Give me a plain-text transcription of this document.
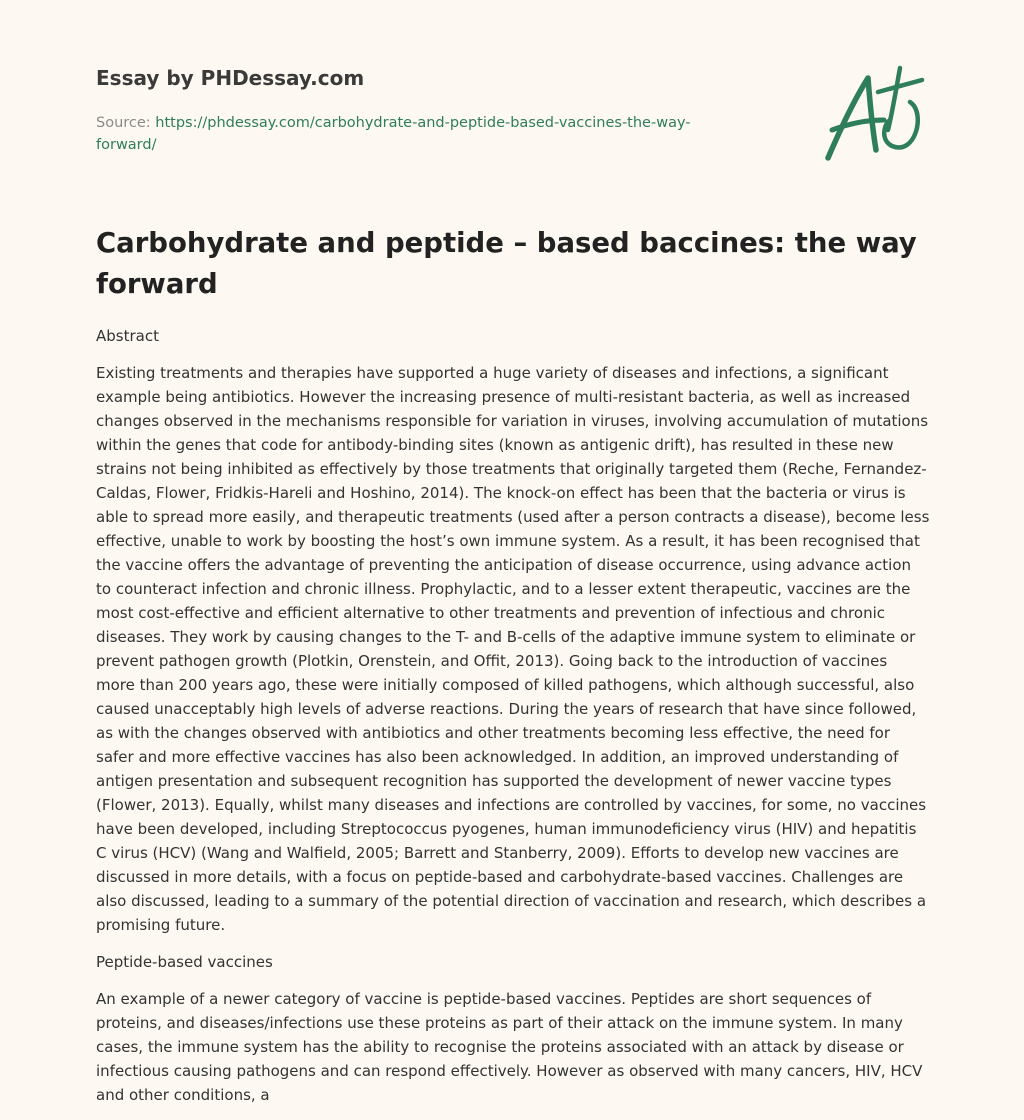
Essay by PHDessay.com
Source: https://phdessay.com/carbohydrate-and-peptide-based-vaccines-the-way-forward/
Carbohydrate and peptide – based baccines: the way forward

Abstract

Existing treatments and therapies have supported a huge variety of diseases and infections, a significant example being antibiotics. However the increasing presence of multi-resistant bacteria, as well as increased changes observed in the mechanisms responsible for variation in viruses, involving accumulation of mutations within the genes that code for antibody-binding sites (known as antigenic drift), has resulted in these new strains not being inhibited as effectively by those treatments that originally targeted them (Reche, Fernandez-Caldas, Flower, Fridkis-Hareli and Hoshino, 2014). The knock-on effect has been that the bacteria or virus is able to spread more easily, and therapeutic treatments (used after a person contracts a disease), become less effective, unable to work by boosting the host’s own immune system. As a result, it has been recognised that the vaccine offers the advantage of preventing the anticipation of disease occurrence, using advance action to counteract infection and chronic illness. Prophylactic, and to a lesser extent therapeutic, vaccines are the most cost-effective and efficient alternative to other treatments and prevention of infectious and chronic diseases. They work by causing changes to the T- and B-cells of the adaptive immune system to eliminate or prevent pathogen growth (Plotkin, Orenstein, and Offit, 2013). Going back to the introduction of vaccines more than 200 years ago, these were initially composed of killed pathogens, which although successful, also caused unacceptably high levels of adverse reactions. During the years of research that have since followed, as with the changes observed with antibiotics and other treatments becoming less effective, the need for safer and more effective vaccines has also been acknowledged. In addition, an improved understanding of antigen presentation and subsequent recognition has supported the development of newer vaccine types (Flower, 2013). Equally, whilst many diseases and infections are controlled by vaccines, for some, no vaccines have been developed, including Streptococcus pyogenes, human immunodeficiency virus (HIV) and hepatitis C virus (HCV) (Wang and Walfield, 2005; Barrett and Stanberry, 2009). Efforts to develop new vaccines are discussed in more details, with a focus on peptide-based and carbohydrate-based vaccines. Challenges are also discussed, leading to a summary of the potential direction of vaccination and research, which describes a promising future.

Peptide-based vaccines

An example of a newer category of vaccine is peptide-based vaccines. Peptides are short sequences of proteins, and diseases/infections use these proteins as part of their attack on the immune system. In many cases, the immune system has the ability to recognise the proteins associated with an attack by disease or infectious causing pathogens and can respond effectively. However as observed with many cancers, HIV, HCV and other conditions, a
